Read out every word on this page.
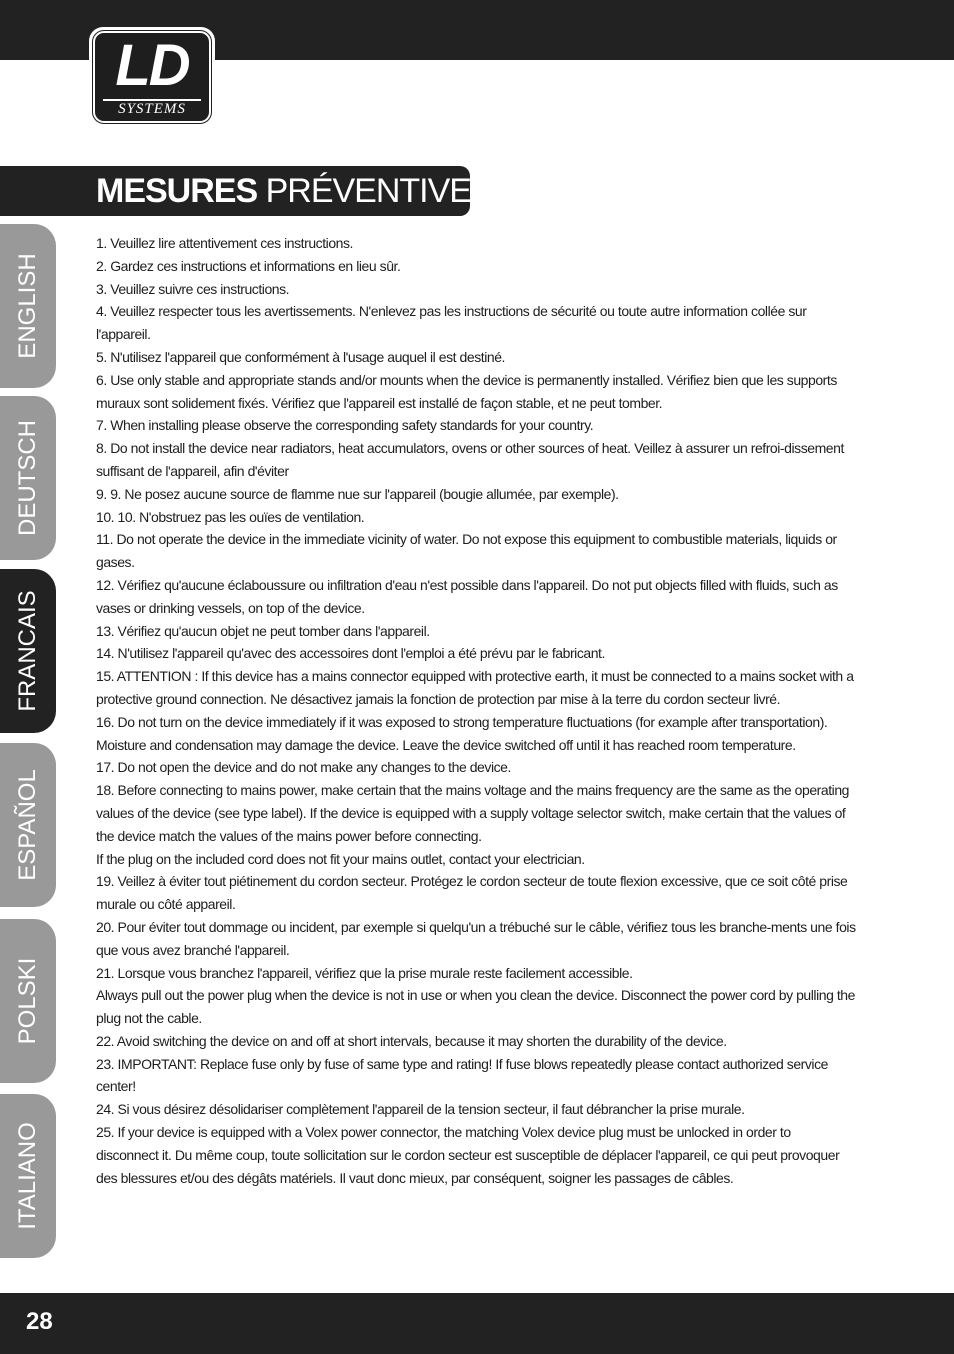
LD
SYSTEMS
MESURES PRÉVENTIVES :
ENGLISH
DEUTSCH
FRANCAIS
ESPAÑOL
POLSKI
ITALIANO

1. Veuillez lire attentivement ces instructions.

2. Gardez ces instructions et informations en lieu sûr.

3. Veuillez suivre ces instructions.

4. Veuillez respecter tous les avertissements. N'enlevez pas les instructions de sécurité ou toute autre information collée sur l'appareil.

5. N'utilisez l'appareil que conformément à l'usage auquel il est destiné.

6. Use only stable and appropriate stands and/or mounts when the device is permanently installed. Vérifiez bien que les supports muraux sont solidement fixés. Vérifiez que l'appareil est installé de façon stable, et ne peut tomber.

7. When installing please observe the corresponding safety standards for your country.

8. Do not install the device near radiators, heat accumulators, ovens or other sources of heat. Veillez à assurer un refroi-dissement suffisant de l'appareil, afin d'éviter

9. 9. Ne posez aucune source de flamme nue sur l'appareil (bougie allumée, par exemple).

10. 10. N'obstruez pas les ouïes de ventilation.

11. Do not operate the device in the immediate vicinity of water. Do not expose this equipment to combustible materials, liquids or gases.

12. Vérifiez qu'aucune éclaboussure ou infiltration d'eau n'est possible dans l'appareil. Do not put objects filled with fluids, such as vases or drinking vessels, on top of the device.

13. Vérifiez qu'aucun objet ne peut tomber dans l'appareil.

14. N'utilisez l'appareil qu'avec des accessoires dont l'emploi a été prévu par le fabricant.

15. ATTENTION : If this device has a mains connector equipped with protective earth, it must be connected to a mains socket with a protective ground connection. Ne désactivez jamais la fonction de protection par mise à la terre du cordon secteur livré.

16. Do not turn on the device immediately if it was exposed to strong temperature fluctuations (for example after transportation). Moisture and condensation may damage the device. Leave the device switched off until it has reached room temperature.

17. Do not open the device and do not make any changes to the device.

18. Before connecting to mains power, make certain that the mains voltage and the mains frequency are the same as the operating values of the device (see type label). If the device is equipped with a supply voltage selector switch, make certain that the values of the device match the values of the mains power before connecting.

If the plug on the included cord does not fit your mains outlet, contact your electrician.

19. Veillez à éviter tout piétinement du cordon secteur. Protégez le cordon secteur de toute flexion excessive, que ce soit côté prise murale ou côté appareil.

20. Pour éviter tout dommage ou incident, par exemple si quelqu'un a trébuché sur le câble, vérifiez tous les branche-ments une fois que vous avez branché l'appareil.

21. Lorsque vous branchez l'appareil, vérifiez que la prise murale reste facilement accessible.

Always pull out the power plug when the device is not in use or when you clean the device. Disconnect the power cord by pulling the plug not the cable.

22. Avoid switching the device on and off at short intervals, because it may shorten the durability of the device.

23. IMPORTANT: Replace fuse only by fuse of same type and rating! If fuse blows repeatedly please contact authorized service center!

24. Si vous désirez désolidariser complètement l'appareil de la tension secteur, il faut débrancher la prise murale.

25. If your device is equipped with a Volex power connector, the matching Volex device plug must be unlocked in order to disconnect it. Du même coup, toute sollicitation sur le cordon secteur est susceptible de déplacer l'appareil, ce qui peut provoquer des blessures et/ou des dégâts matériels. Il vaut donc mieux, par conséquent, soigner les passages de câbles.

28
